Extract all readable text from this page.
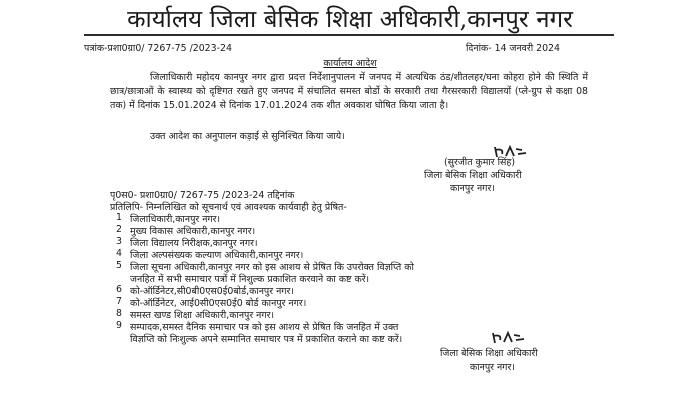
कार्यालय जिला बेसिक शिक्षा अधिकारी,कानपुर नगर
पत्रांक-प्रशा0ग्रा0/ 7267-75 /2023-24	दिनांक- 14 जनवरी 2024
कार्यालय आदेश
जिलाधिकारी महोदय कानपुर नगर द्वारा प्रदत्त निर्देशानुपालन में जनपद में अत्यधिक ठंड/शीतलहर/घना कोहरा होने की स्थिति में छात्र/छात्राओं के स्वास्थ्य को दृष्टिगत रखते हुए जनपद में संचालित समस्त बोर्डो के सरकारी तथा गैरसरकारी विद्यालयों (प्ले-ग्रुप से कक्षा 08 तक) में दिनांक 15.01.2024 से दिनांक 17.01.2024 तक शीत अवकाश घोषित किया जाता है।
उक्त आदेश का अनुपालन कड़ाई से सुनिश्चित किया जाये।
(सुरजीत कुमार सिंह)
जिला बेसिक शिक्षा अधिकारी
कानपुर नगर।
पृ0स0- प्रशा0ग्रा0/ 7267-75 /2023-24 तद्दिनांक
प्रतिलिपि- निम्नलिखित को सूचनार्थ एवं आवश्यक कार्यवाही हेतु प्रेषित-
1 जिलाधिकारी,कानपुर नगर।
2 मुख्य विकास अधिकारी,कानपुर नगर।
3 जिला विद्यालय निरीक्षक,कानपुर नगर।
4 जिला अल्पसंख्यक कल्याण अधिकारी,कानपुर नगर।
5 जिला सूचना अधिकारी,कानपुर नगर को इस आशय से प्रेषित कि उपरोक्त विज्ञप्ति को
जनहित में सभी समाचार पत्रों में निशुल्क प्रकाशित करवाने का कष्ट करें।
6 को-ऑर्डिनेटर,सी0बी0एस0ई0बोर्ड,कानपुर नगर।
7 को-ऑर्डिनेटर, आई0सी0एस0ई0 बोर्ड कानपुर नगर।
8 समस्त खण्ड शिक्षा अधिकारी,कानपुर नगर।
9 सम्पादक,समस्त दैनिक समाचार पत्र को इस आशय से प्रेषित कि जनहित में उक्त
विज्ञप्ति को निःशुल्क अपने सम्मानित समाचार पत्र में प्रकाशित कराने का कष्ट करें।
जिला बेसिक शिक्षा अधिकारी
कानपुर नगर।
